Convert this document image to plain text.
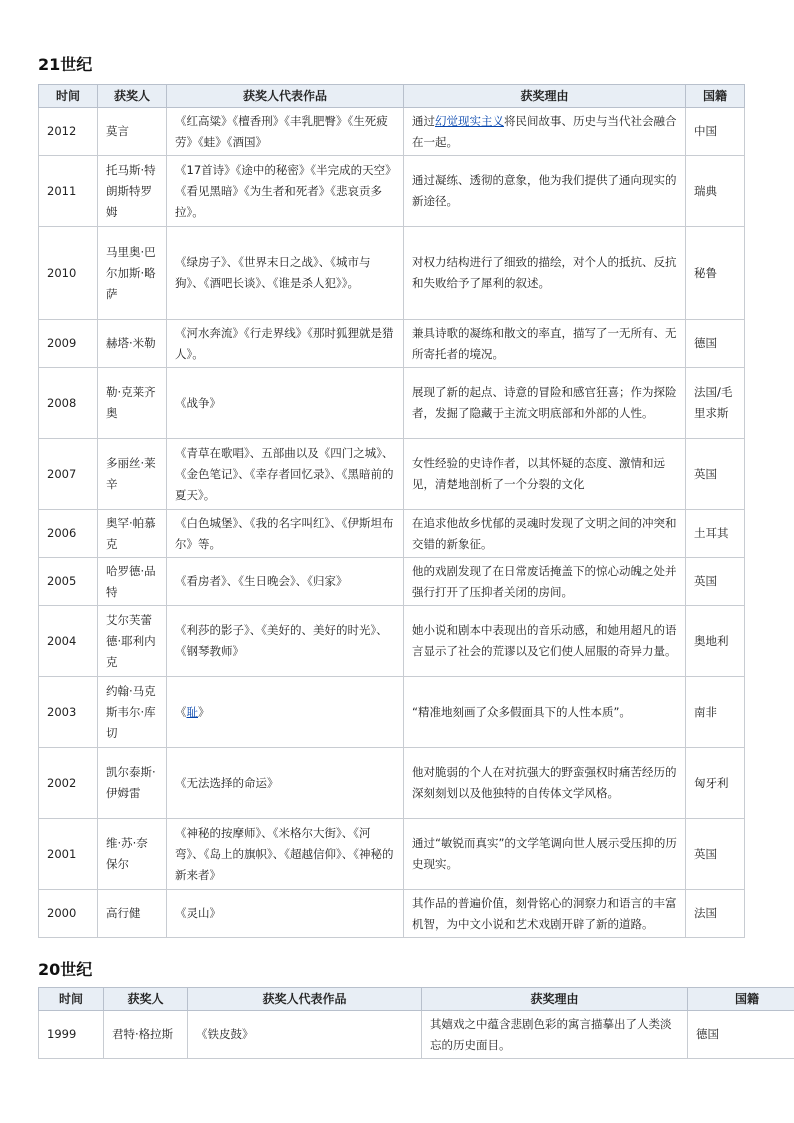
21世纪
时间	获奖人	获奖人代表作品	获奖理由	国籍
2012	莫言	《红高粱》《檀香刑》《丰乳肥臀》《生死疲劳》《蛙》《酒国》	通过幻觉现实主义将民间故事、历史与当代社会融合在一起。	中国
2011	托马斯·特朗斯特罗姆	《17首诗》《途中的秘密》《半完成的天空》《看见黑暗》《为生者和死者》《悲哀贡多拉》。	通过凝练、透彻的意象，他为我们提供了通向现实的新途径。	瑞典
2010	马里奥·巴尔加斯·略萨	《绿房子》、《世界末日之战》、《城市与狗》、《酒吧长谈》、《谁是杀人犯》》。	对权力结构进行了细致的描绘，对个人的抵抗、反抗和失败给予了犀利的叙述。	秘鲁
2009	赫塔·米勒	《河水奔流》《行走界线》《那时狐狸就是猎人》。	兼具诗歌的凝练和散文的率直，描写了一无所有、无所寄托者的境况。	德国
2008	勒·克莱齐奥	《战争》	展现了新的起点、诗意的冒险和感官狂喜；作为探险者，发掘了隐藏于主流文明底部和外部的人性。	法国/毛里求斯
2007	多丽丝·莱辛	《青草在歌唱》、五部曲以及《四门之城》、《金色笔记》、《幸存者回忆录》、《黑暗前的夏天》。	女性经验的史诗作者，以其怀疑的态度、激情和远见，清楚地剖析了一个分裂的文化	英国
2006	奥罕·帕慕克	《白色城堡》、《我的名字叫红》、《伊斯坦布尔》等。	在追求他故乡忧郁的灵魂时发现了文明之间的冲突和交错的新象征。	土耳其
2005	哈罗德·品特	《看房者》、《生日晚会》、《归家》	他的戏剧发现了在日常废话掩盖下的惊心动魄之处并强行打开了压抑者关闭的房间。	英国
2004	艾尔芙蕾德·耶利内克	《利莎的影子》、《美好的、美好的时光》、《钢琴教师》	她小说和剧本中表现出的音乐动感，和她用超凡的语言显示了社会的荒谬以及它们使人屈服的奇异力量。	奥地利
2003	约翰·马克斯韦尔·库切	《耻》	“精准地刻画了众多假面具下的人性本质”。	南非
2002	凯尔泰斯·伊姆雷	《无法选择的命运》	他对脆弱的个人在对抗强大的野蛮强权时痛苦经历的深刻刻划以及他独特的自传体文学风格。	匈牙利
2001	维·苏·奈保尔	《神秘的按摩师》、《米格尔大街》、《河弯》、《岛上的旗帜》、《超越信仰》、《神秘的新来者》	通过“敏锐而真实”的文学笔调向世人展示受压抑的历史现实。	英国
2000	高行健	《灵山》	其作品的普遍价值，刻骨铭心的洞察力和语言的丰富机智，为中文小说和艺术戏剧开辟了新的道路。	法国
20世纪
时间	获奖人	获奖人代表作品	获奖理由	国籍
1999	君特·格拉斯	《铁皮鼓》	其嬉戏之中蕴含悲剧色彩的寓言描摹出了人类淡忘的历史面目。	德国
